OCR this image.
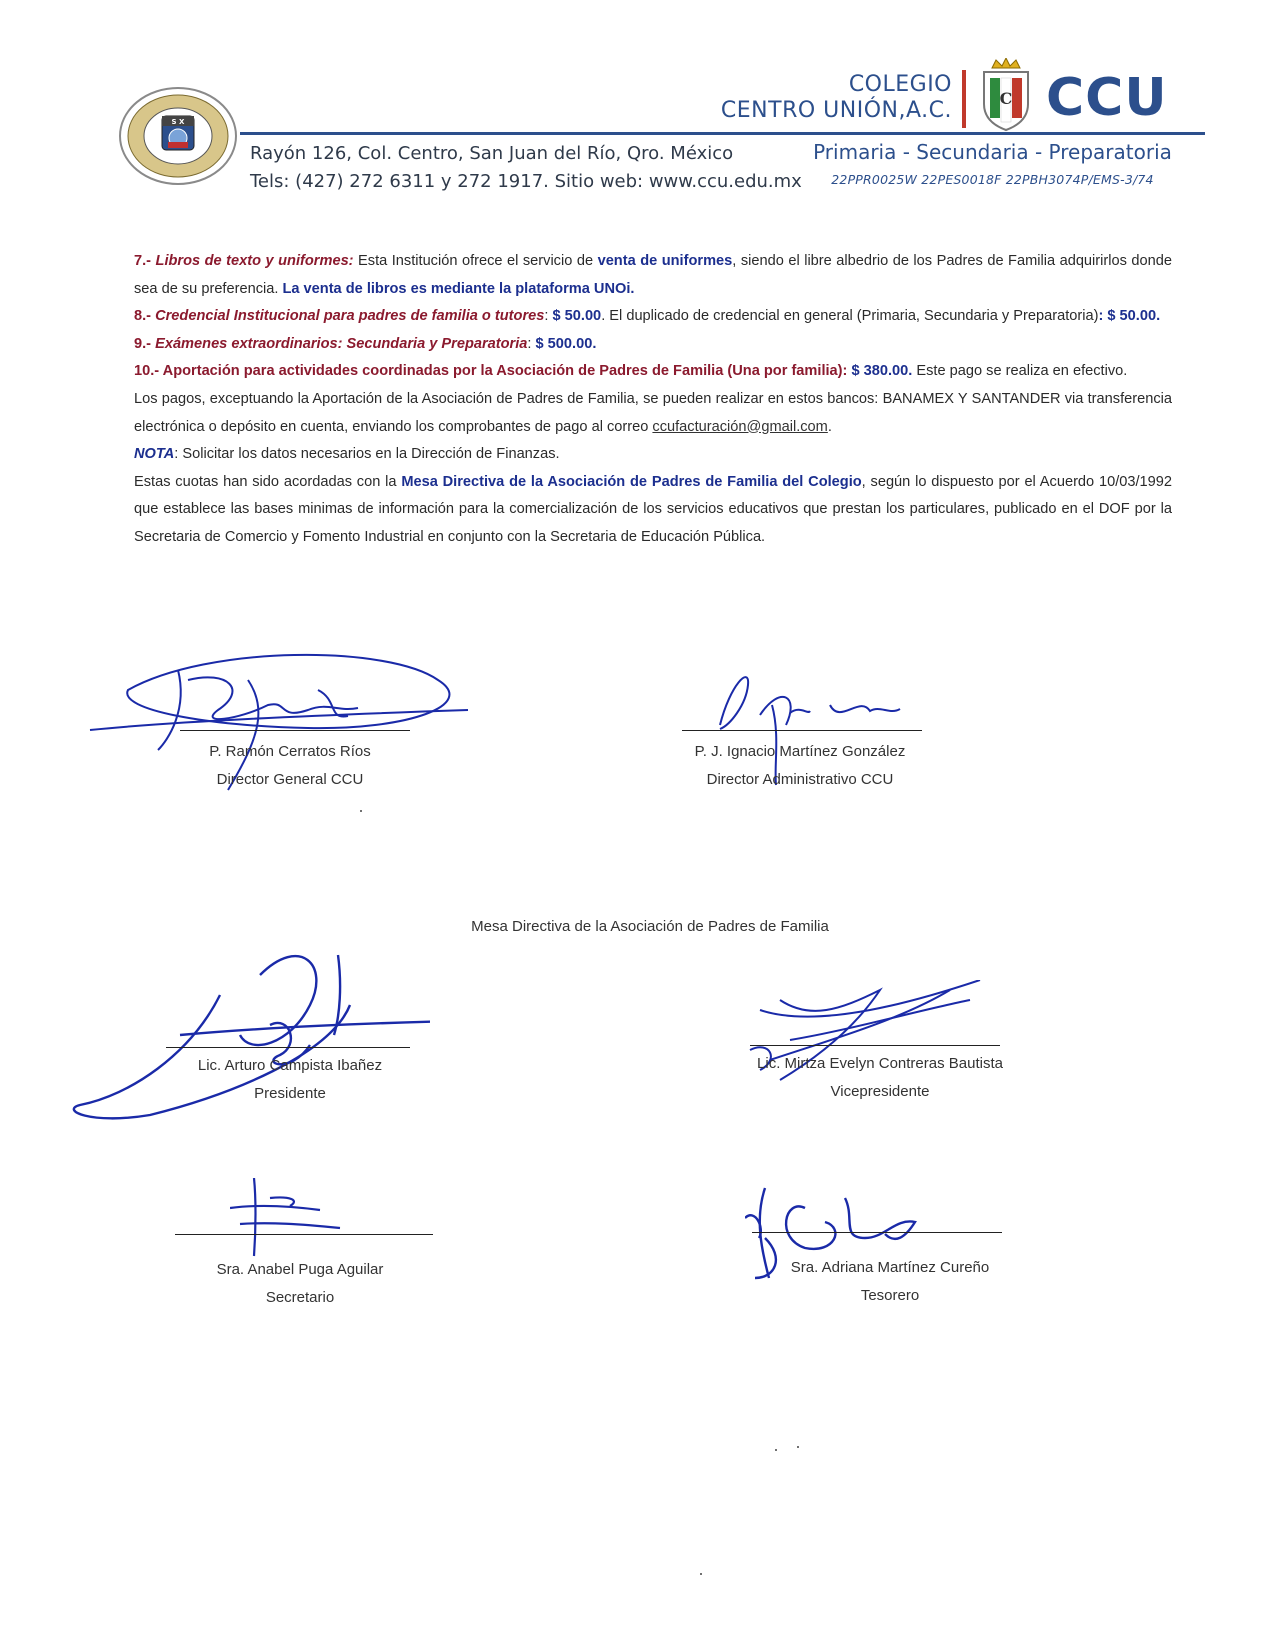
S X
COLEGIO
CENTRO UNIÓN,A.C.	C CCU
Rayón 126, Col. Centro, San Juan del Río, Qro. México
Tels: (427) 272 6311 y 272 1917. Sitio web: www.ccu.edu.mx
Primaria - Secundaria - Preparatoria
22PPR0025W 22PES0018F 22PBH3074P/EMS-3/74

7.- Libros de texto y uniformes: Esta Institución ofrece el servicio de venta de uniformes, siendo el libre albedrio de los Padres de Familia adquirirlos donde sea de su preferencia. La venta de libros es mediante la plataforma UNOi.

8.- Credencial Institucional para padres de familia o tutores: $ 50.00. El duplicado de credencial en general (Primaria, Secundaria y Preparatoria): $ 50.00.

9.- Exámenes extraordinarios: Secundaria y Preparatoria: $ 500.00.

10.- Aportación para actividades coordinadas por la Asociación de Padres de Familia (Una por familia): $ 380.00. Este pago se realiza en efectivo.

Los pagos, exceptuando la Aportación de la Asociación de Padres de Familia, se pueden realizar en estos bancos: BANAMEX Y SANTANDER via transferencia electrónica o depósito en cuenta, enviando los comprobantes de pago al correo ccufacturación@gmail.com.

NOTA: Solicitar los datos necesarios en la Dirección de Finanzas.

Estas cuotas han sido acordadas con la Mesa Directiva de la Asociación de Padres de Familia del Colegio, según lo dispuesto por el Acuerdo 10/03/1992 que establece las bases minimas de información para la comercialización de los servicios educativos que prestan los particulares, publicado en el DOF por la Secretaria de Comercio y Fomento Industrial en conjunto con la Secretaria de Educación Pública.

P. Ramón Cerratos Ríos
Director General CCU
P. J. Ignacio Martínez González
Director Administrativo CCU
Mesa Directiva de la Asociación de Padres de Familia
Lic. Arturo Campista Ibañez
Presidente
Lic. Mirtza Evelyn Contreras Bautista
Vicepresidente
Sra. Anabel Puga Aguilar
Secretario
Sra. Adriana Martínez Cureño
Tesorero
